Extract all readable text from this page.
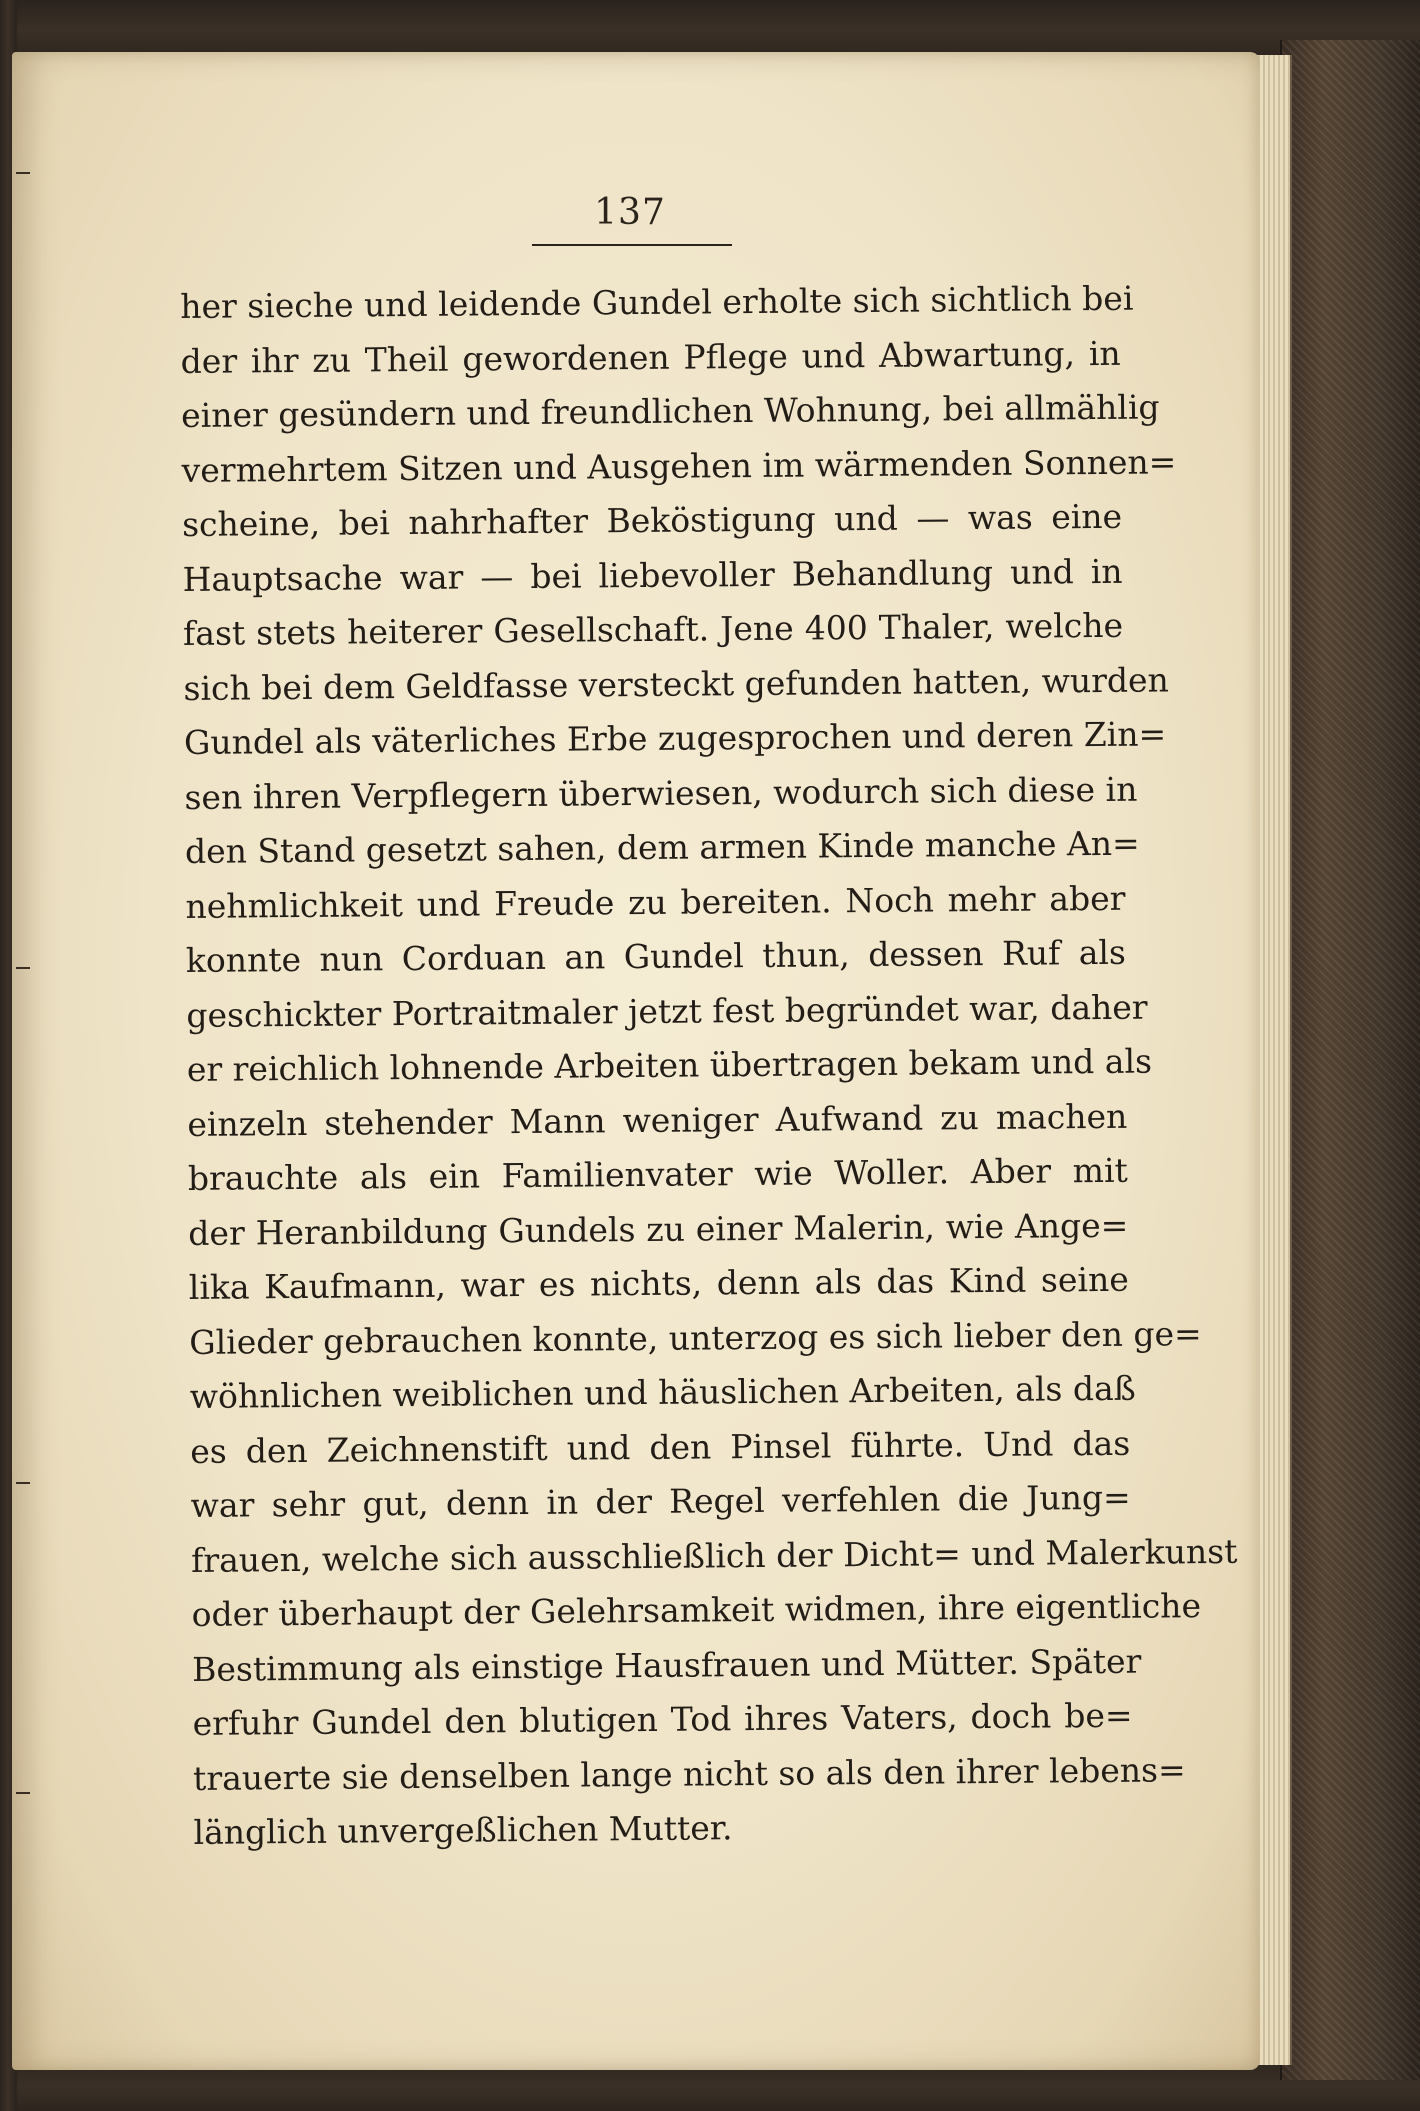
137
her sieche und leidende Gundel erholte sich sichtlich bei
der ihr zu Theil gewordenen Pflege und Abwartung, in
einer gesündern und freundlichen Wohnung, bei allmählig
vermehrtem Sitzen und Ausgehen im wärmenden Sonnen=
scheine, bei nahrhafter Beköstigung und — was eine
Hauptsache war — bei liebevoller Behandlung und in
fast stets heiterer Gesellschaft. Jene 400 Thaler, welche
sich bei dem Geldfasse versteckt gefunden hatten, wurden
Gundel als väterliches Erbe zugesprochen und deren Zin=
sen ihren Verpflegern überwiesen, wodurch sich diese in
den Stand gesetzt sahen, dem armen Kinde manche An=
nehmlichkeit und Freude zu bereiten. Noch mehr aber
konnte nun Corduan an Gundel thun, dessen Ruf als
geschickter Portraitmaler jetzt fest begründet war, daher
er reichlich lohnende Arbeiten übertragen bekam und als
einzeln stehender Mann weniger Aufwand zu machen
brauchte als ein Familienvater wie Woller. Aber mit
der Heranbildung Gundels zu einer Malerin, wie Ange=
lika Kaufmann, war es nichts, denn als das Kind seine
Glieder gebrauchen konnte, unterzog es sich lieber den ge=
wöhnlichen weiblichen und häuslichen Arbeiten, als daß
es den Zeichnenstift und den Pinsel führte. Und das
war sehr gut, denn in der Regel verfehlen die Jung=
frauen, welche sich ausschließlich der Dicht= und Malerkunst
oder überhaupt der Gelehrsamkeit widmen, ihre eigentliche
Bestimmung als einstige Hausfrauen und Mütter. Später
erfuhr Gundel den blutigen Tod ihres Vaters, doch be=
trauerte sie denselben lange nicht so als den ihrer lebens=
länglich unvergeßlichen Mutter.
